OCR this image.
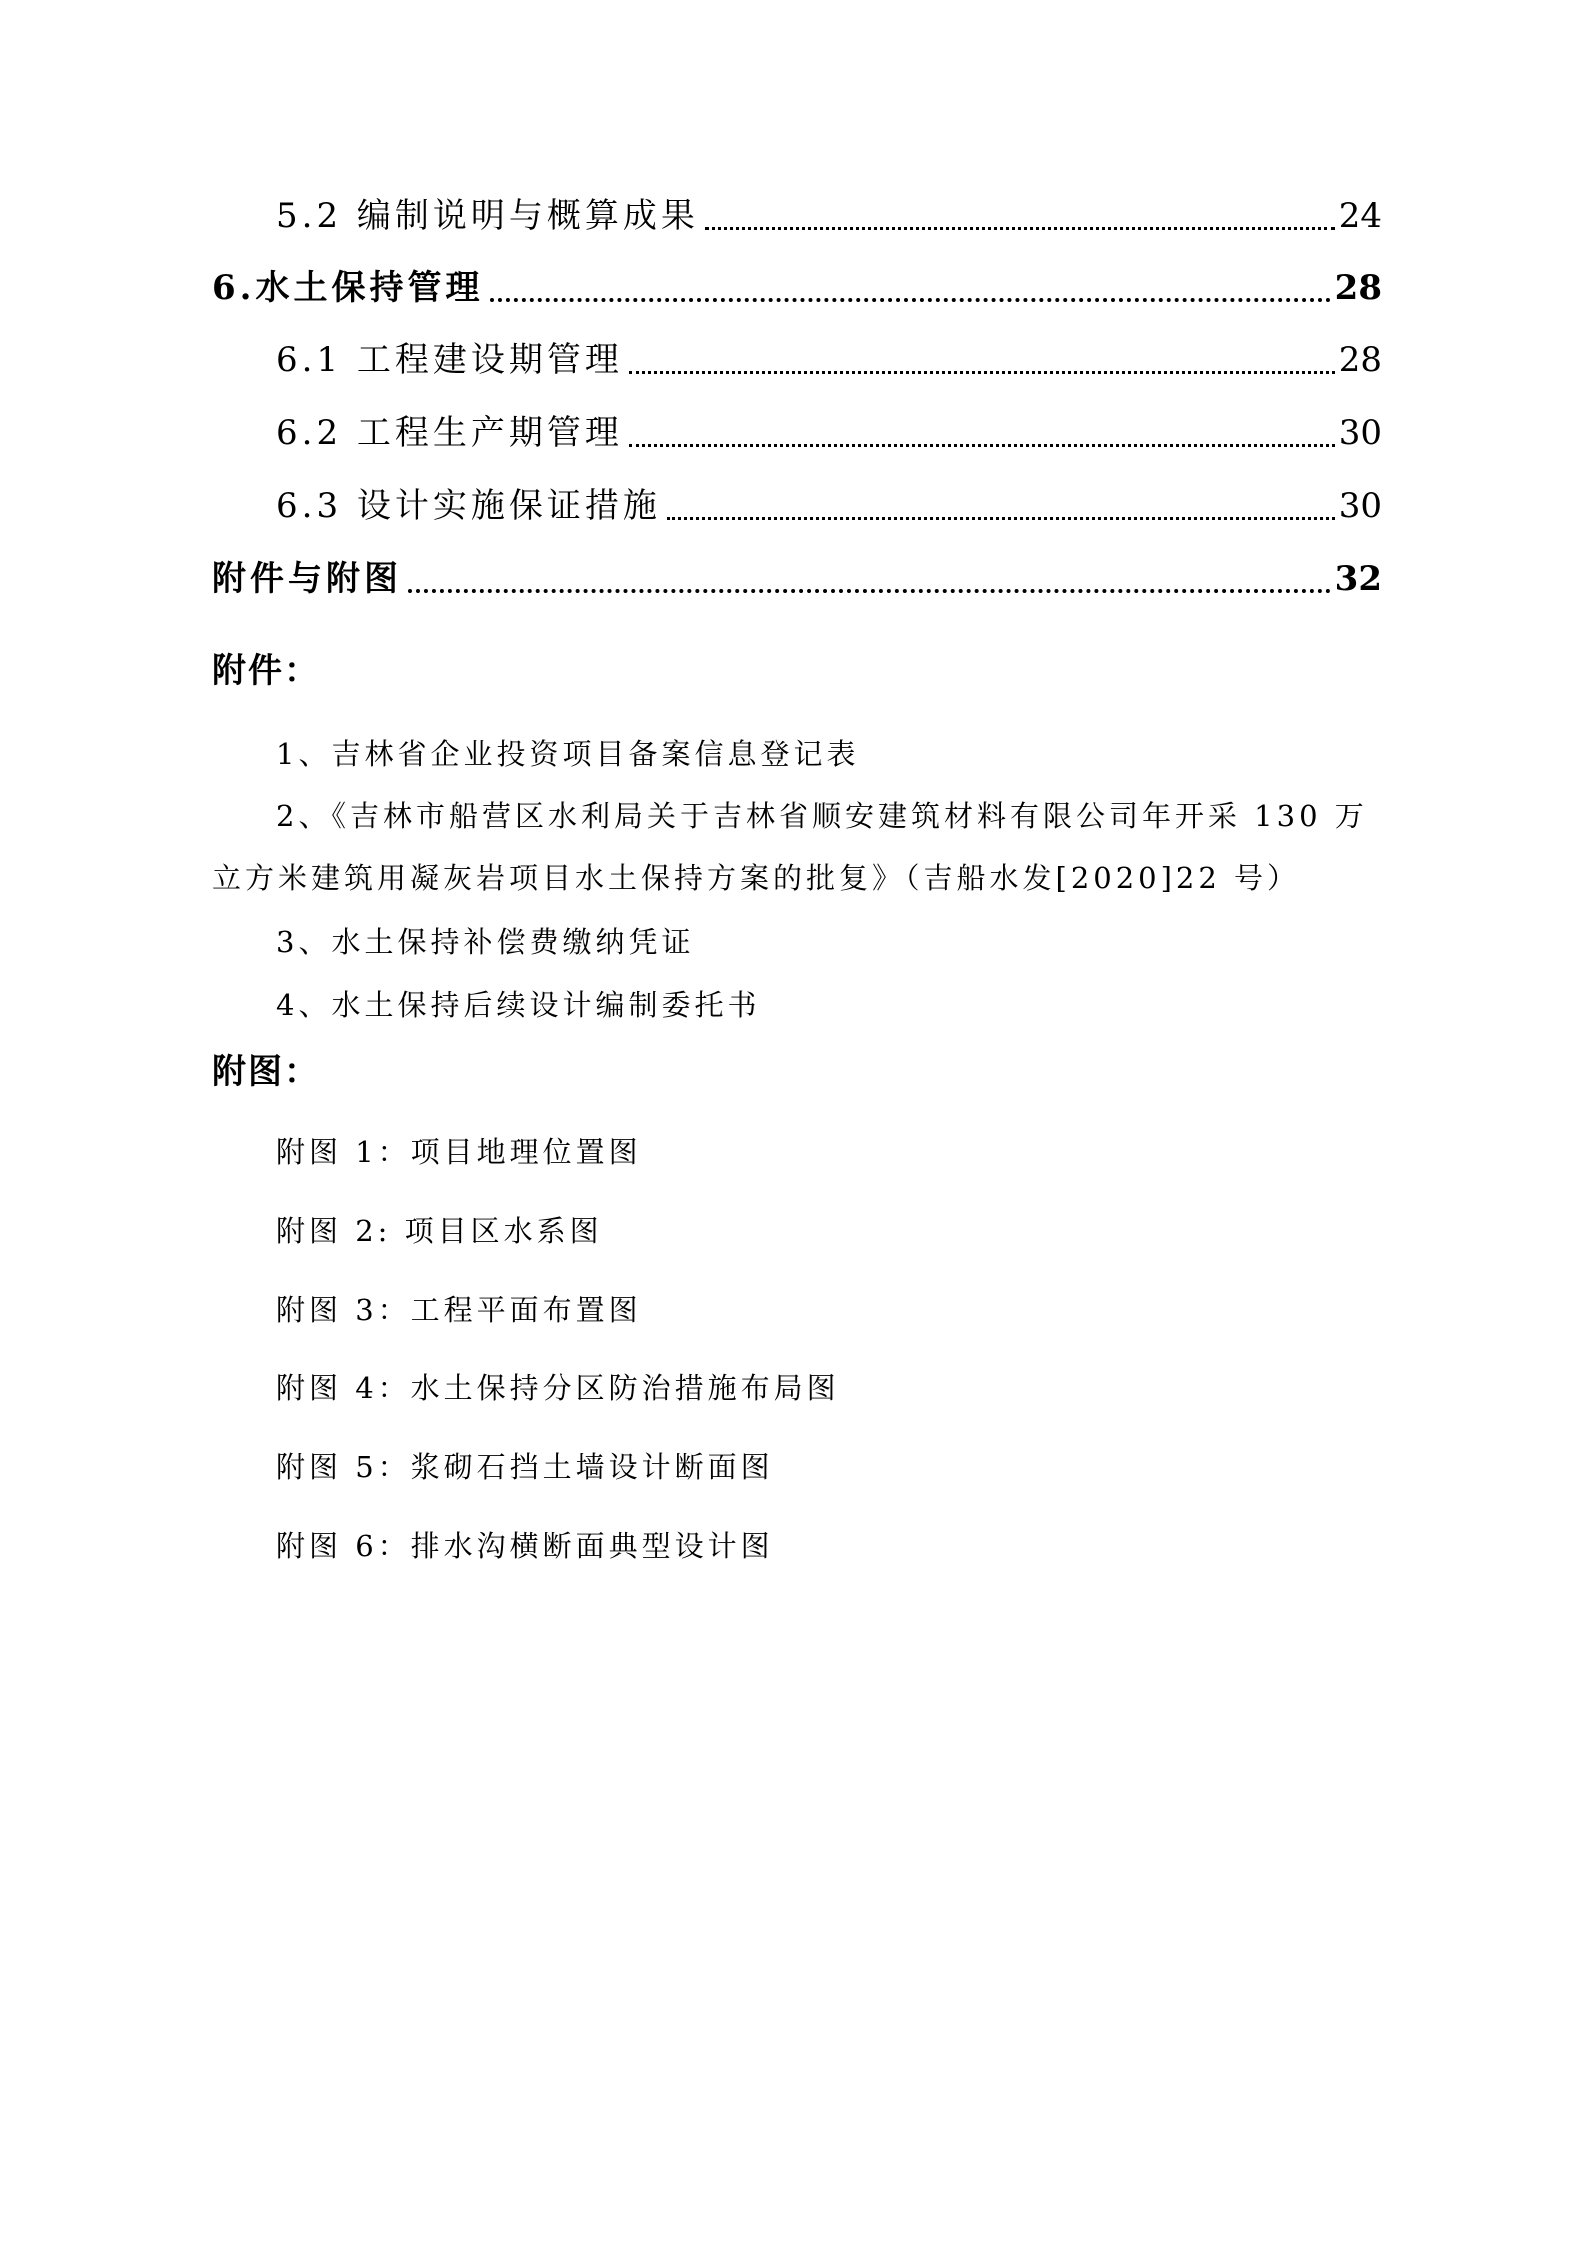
5.2 编制说明与概算成果	24
6.水土保持管理	28
6.1 工程建设期管理	28
6.2 工程生产期管理	30
6.3 设计实施保证措施	30
附件与附图	32
附件：
1、吉林省企业投资项目备案信息登记表
2、《吉林市船营区水利局关于吉林省顺安建筑材料有限公司年开采 130 万立方米建筑用凝灰岩项目水土保持方案的批复》（吉船水发[2020]22 号）
3、水土保持补偿费缴纳凭证
4、水土保持后续设计编制委托书
附图：
附图 1：项目地理位置图
附图 2: 项目区水系图
附图 3：工程平面布置图
附图 4：水土保持分区防治措施布局图
附图 5：浆砌石挡土墙设计断面图
附图 6：排水沟横断面典型设计图
